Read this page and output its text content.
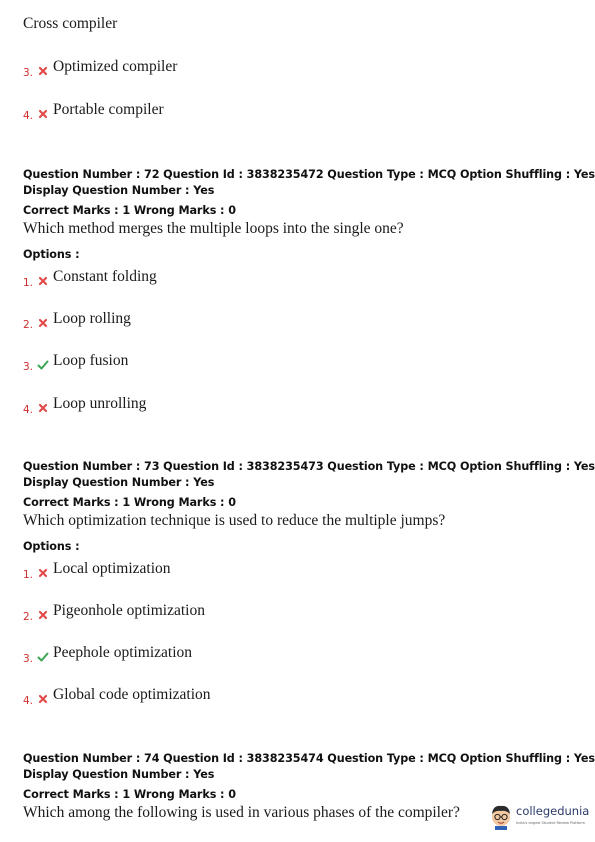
Cross compiler
3. Optimized compiler
4. Portable compiler
Question Number : 72 Question Id : 3838235472 Question Type : MCQ Option Shuffling : Yes
Display Question Number : Yes
Correct Marks : 1 Wrong Marks : 0
Which method merges the multiple loops into the single one?
Options :
1. Constant folding
2. Loop rolling
3. Loop fusion
4. Loop unrolling
Question Number : 73 Question Id : 3838235473 Question Type : MCQ Option Shuffling : Yes
Display Question Number : Yes
Correct Marks : 1 Wrong Marks : 0
Which optimization technique is used to reduce the multiple jumps?
Options :
1. Local optimization
2. Pigeonhole optimization
3. Peephole optimization
4. Global code optimization
Question Number : 74 Question Id : 3838235474 Question Type : MCQ Option Shuffling : Yes
Display Question Number : Yes
Correct Marks : 1 Wrong Marks : 0
Which among the following is used in various phases of the compiler?	collegedunia
India's largest Student Review Platform
